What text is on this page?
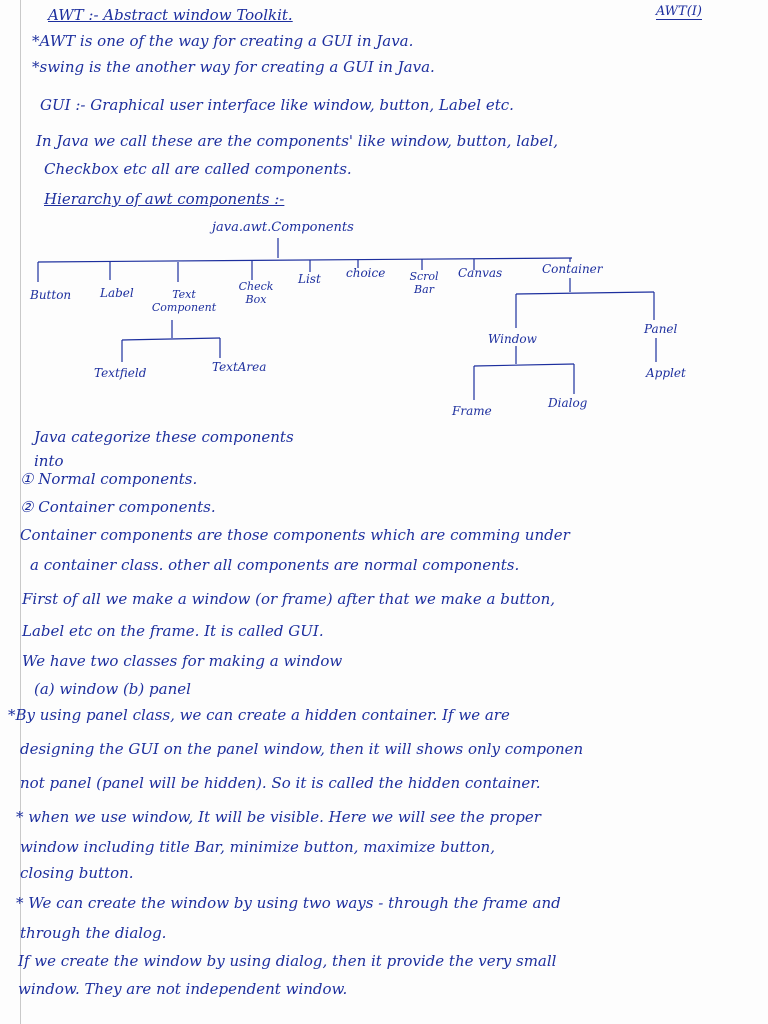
AWT(I)
AWT :- Abstract window Toolkit.
*AWT is one of the way for creating a GUI in Java.
*swing is the another way for creating a GUI in Java.
GUI :- Graphical user interface like window, button, Label etc.
In Java we call these are the components' like window, button, label,
Checkbox etc all are called components.
Hierarchy of awt components :-
java.awt.Components
Button Label	Text Component
Check Box
List choice	Scrol Bar
Canvas	Container
Textfield	TextArea
Window
Panel
Frame
Dialog
Applet
Java categorize these components
into
① Normal components.
② Container components.
Container components are those components which are comming under
a container class. other all components are normal components.
First of all we make a window (or frame) after that we make a button,
Label etc on the frame. It is called GUI.
We have two classes for making a window
(a) window (b) panel
*By using panel class, we can create a hidden container. If we are
designing the GUI on the panel window, then it will shows only componen
not panel (panel will be hidden). So it is called the hidden container.
* when we use window, It will be visible. Here we will see the proper
window including title Bar, minimize button, maximize button,
closing button.
* We can create the window by using two ways - through the frame and
through the dialog.
If we create the window by using dialog, then it provide the very small
window. They are not independent window.
